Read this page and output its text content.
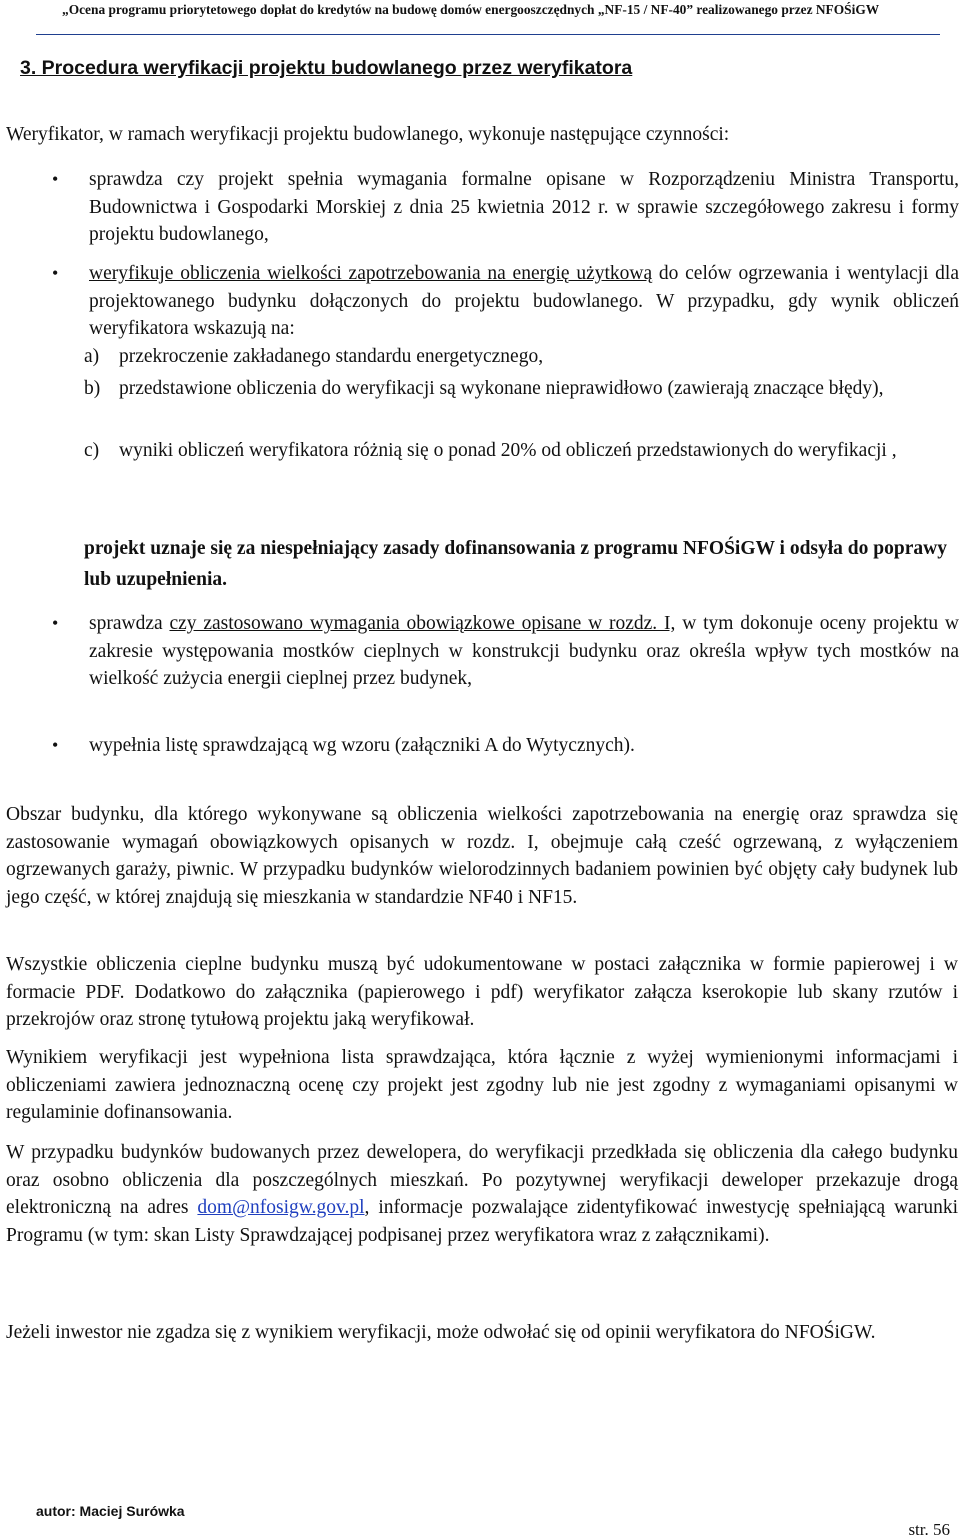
„Ocena programu priorytetowego dopłat do kredytów na budowę domów energooszczędnych „NF-15 / NF-40” realizowanego przez NFOŚiGW
3. Procedura weryfikacji projektu budowlanego przez weryfikatora
Weryfikator, w ramach weryfikacji projektu budowlanego, wykonuje następujące czynności:
• sprawdza czy projekt spełnia wymagania formalne opisane w Rozporządzeniu Ministra Transportu, Budownictwa i Gospodarki Morskiej z dnia 25 kwietnia 2012 r. w sprawie szczegółowego zakresu i formy projektu budowlanego,
• weryfikuje obliczenia wielkości zapotrzebowania na energię użytkową do celów ogrzewania i wentylacji dla projektowanego budynku dołączonych do projektu budowlanego. W przypadku, gdy wynik obliczeń weryfikatora wskazują na:
a) przekroczenie zakładanego standardu energetycznego,
b) przedstawione obliczenia do weryfikacji są wykonane nieprawidłowo (zawierają znaczące błędy),
c) wyniki obliczeń weryfikatora różnią się o ponad 20% od obliczeń przedstawionych do weryfikacji ,
projekt uznaje się za niespełniający zasady dofinansowania z programu NFOŚiGW i odsyła do poprawy lub uzupełnienia.
• sprawdza czy zastosowano wymagania obowiązkowe opisane w rozdz. I, w tym dokonuje oceny projektu w zakresie występowania mostków cieplnych w konstrukcji budynku oraz określa wpływ tych mostków na wielkość zużycia energii cieplnej przez budynek,
• wypełnia listę sprawdzającą wg wzoru (załączniki A do Wytycznych).
Obszar budynku, dla którego wykonywane są obliczenia wielkości zapotrzebowania na energię oraz sprawdza się zastosowanie wymagań obowiązkowych opisanych w rozdz. I, obejmuje całą cześć ogrzewaną, z wyłączeniem ogrzewanych garaży, piwnic. W przypadku budynków wielorodzinnych badaniem powinien być objęty cały budynek lub jego część, w której znajdują się mieszkania w standardzie NF40 i NF15.
Wszystkie obliczenia cieplne budynku muszą być udokumentowane w postaci załącznika w formie papierowej i w formacie PDF. Dodatkowo do załącznika (papierowego i pdf) weryfikator załącza kserokopie lub skany rzutów i przekrojów oraz stronę tytułową projektu jaką weryfikował.
Wynikiem weryfikacji jest wypełniona lista sprawdzająca, która łącznie z wyżej wymienionymi informacjami i obliczeniami zawiera jednoznaczną ocenę czy projekt jest zgodny lub nie jest zgodny z wymaganiami opisanymi w regulaminie dofinansowania.
W przypadku budynków budowanych przez dewelopera, do weryfikacji przedkłada się obliczenia dla całego budynku oraz osobno obliczenia dla poszczególnych mieszkań. Po pozytywnej weryfikacji deweloper przekazuje drogą elektroniczną na adres dom@nfosigw.gov.pl, informacje pozwalające zidentyfikować inwestycję spełniającą warunki Programu (w tym: skan Listy Sprawdzającej podpisanej przez weryfikatora wraz z załącznikami).
Jeżeli inwestor nie zgadza się z wynikiem weryfikacji, może odwołać się od opinii weryfikatora do NFOŚiGW.
autor: Maciej Surówka
str. 56
